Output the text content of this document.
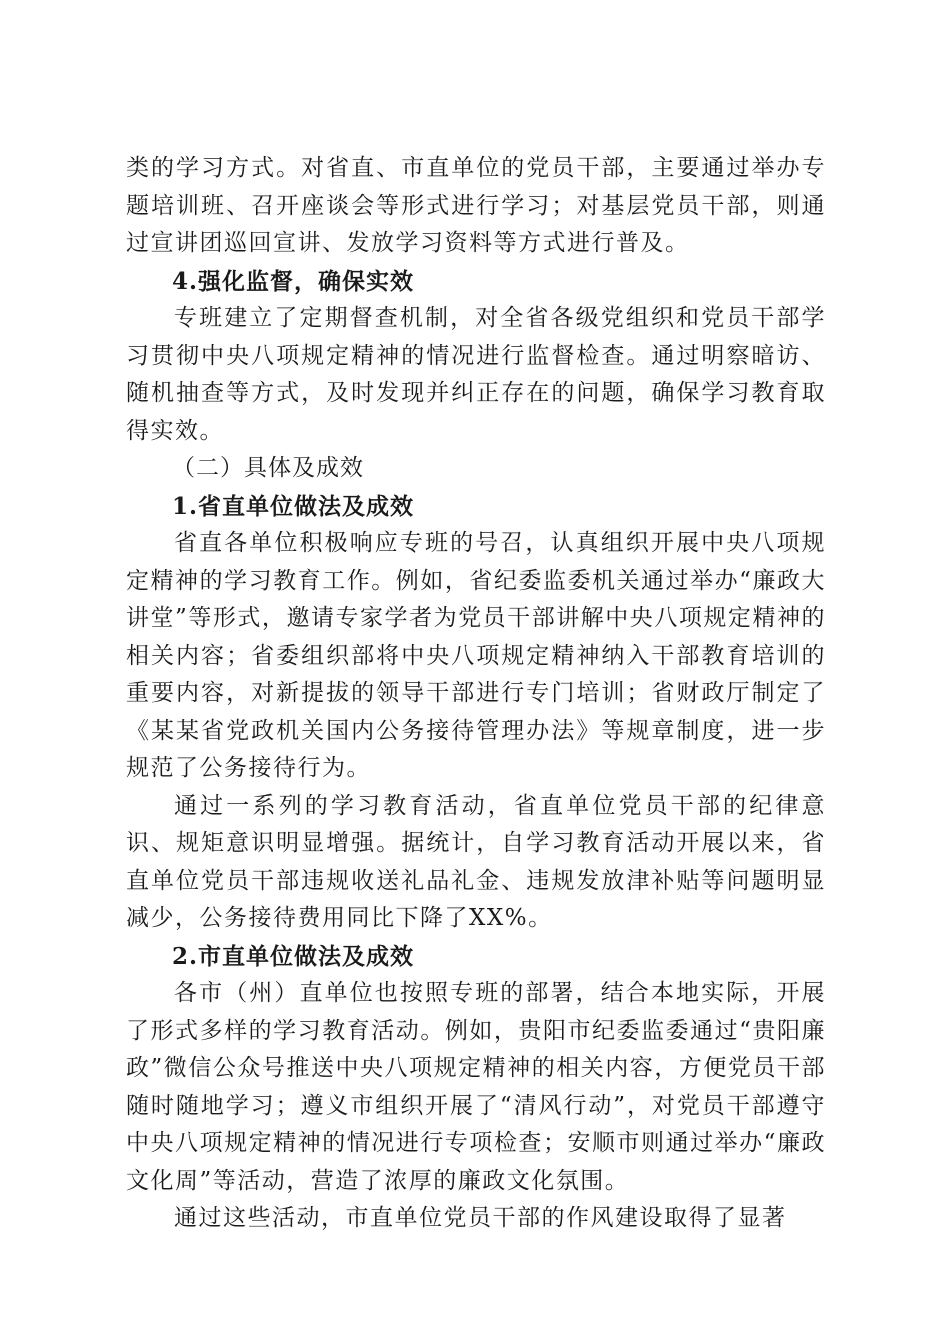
类的学习方式。对省直、市直单位的党员干部，主要通过举办专题培训班、召开座谈会等形式进行学习；对基层党员干部，则通过宣讲团巡回宣讲、发放学习资料等方式进行普及。

4.强化监督，确保实效

专班建立了定期督查机制，对全省各级党组织和党员干部学习贯彻中央八项规定精神的情况进行监督检查。通过明察暗访、随机抽查等方式，及时发现并纠正存在的问题，确保学习教育取得实效。

（二）具体及成效

1.省直单位做法及成效

省直各单位积极响应专班的号召，认真组织开展中央八项规定精神的学习教育工作。例如，省纪委监委机关通过举办“廉政大讲堂”等形式，邀请专家学者为党员干部讲解中央八项规定精神的相关内容；省委组织部将中央八项规定精神纳入干部教育培训的重要内容，对新提拔的领导干部进行专门培训；省财政厅制定了《某某省党政机关国内公务接待管理办法》等规章制度，进一步规范了公务接待行为。

通过一系列的学习教育活动，省直单位党员干部的纪律意识、规矩意识明显增强。据统计，自学习教育活动开展以来，省直单位党员干部违规收送礼品礼金、违规发放津补贴等问题明显减少，公务接待费用同比下降了XX%。

2.市直单位做法及成效

各市（州）直单位也按照专班的部署，结合本地实际，开展了形式多样的学习教育活动。例如，贵阳市纪委监委通过“贵阳廉政”微信公众号推送中央八项规定精神的相关内容，方便党员干部随时随地学习；遵义市组织开展了“清风行动”，对党员干部遵守中央八项规定精神的情况进行专项检查；安顺市则通过举办“廉政文化周”等活动，营造了浓厚的廉政文化氛围。

通过这些活动，市直单位党员干部的作风建设取得了显著
